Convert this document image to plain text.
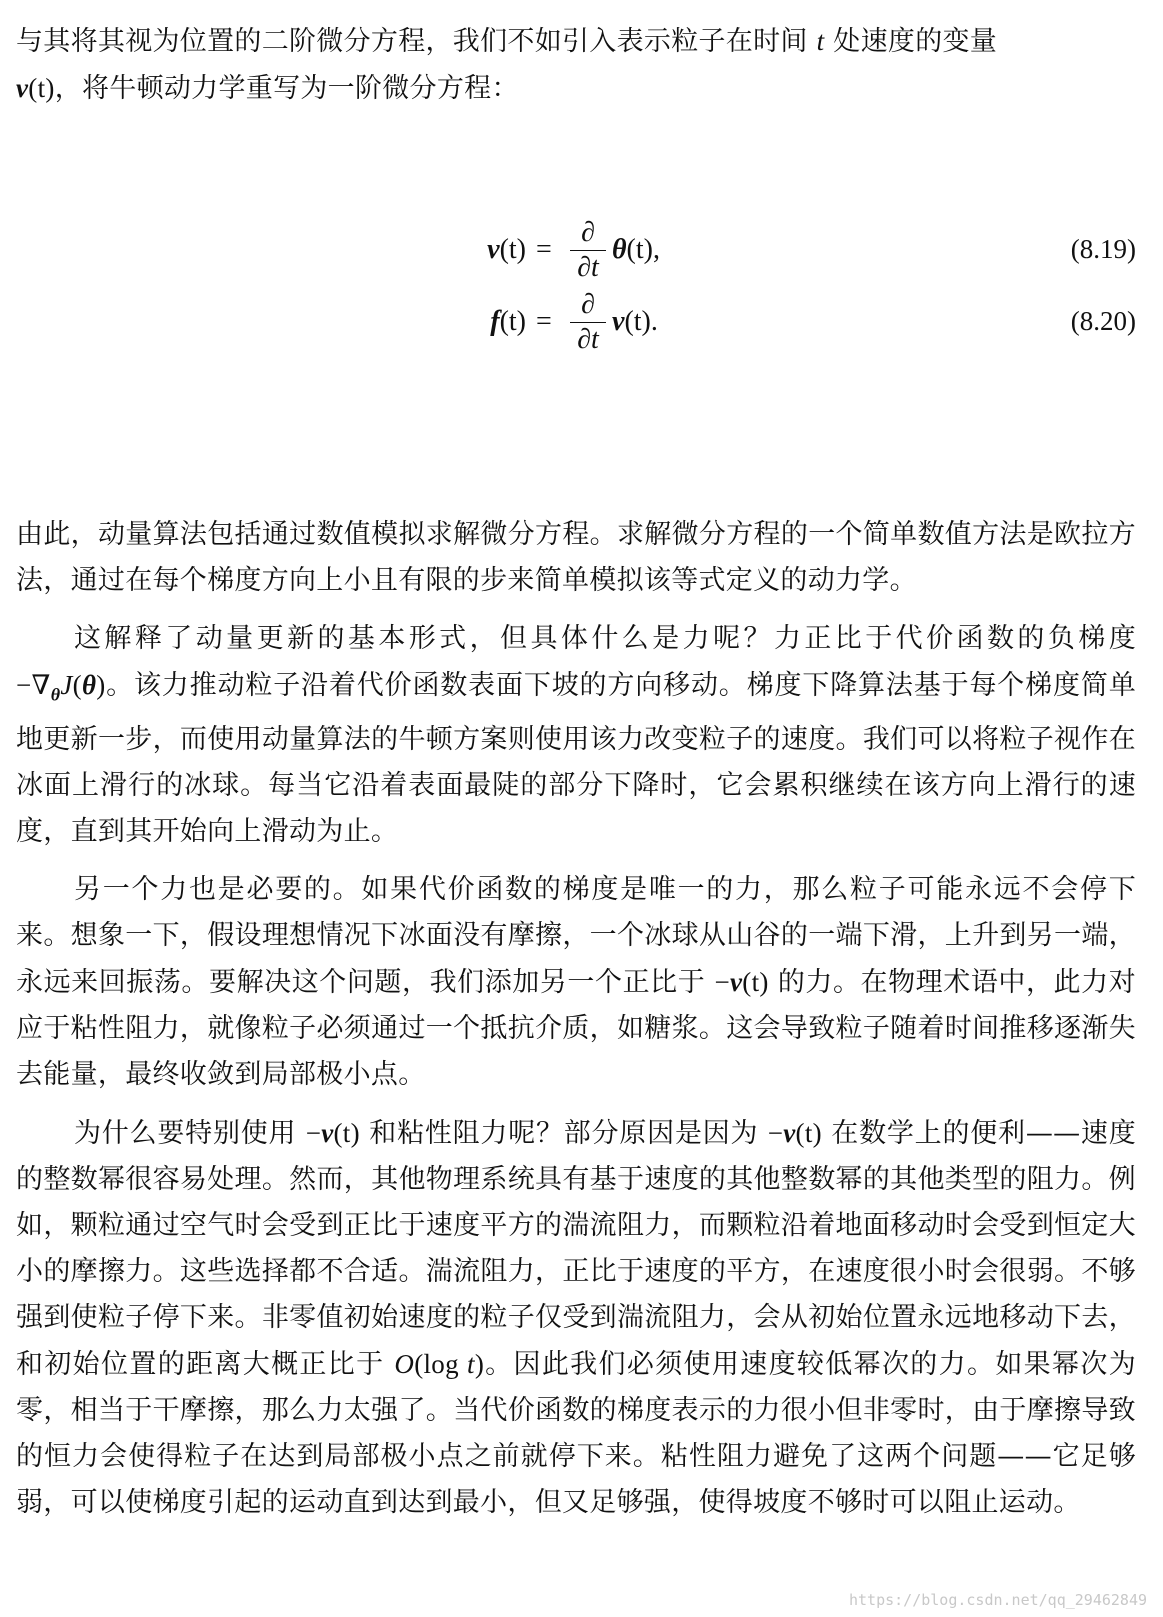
与其将其视为位置的二阶微分方程，我们不如引入表示粒子在时间 t 处速度的变量
v(t)，将牛顿动力学重写为一阶微分方程：

v(t) =
∂
∂t
θ(t),	(8.19)
f(t) =
∂
∂t
v(t).	(8.20)

由此，动量算法包括通过数值模拟求解微分方程。求解微分方程的一个简单数值方法是欧拉方法，通过在每个梯度方向上小且有限的步来简单模拟该等式定义的动力学。

这解释了动量更新的基本形式，但具体什么是力呢？力正比于代价函数的负梯度 $-\nabla_\theta J(\theta)$。该力推动粒子沿着代价函数表面下坡的方向移动。梯度下降算法基于每个梯度简单地更新一步，而使用动量算法的牛顿方案则使用该力改变粒子的速度。我们可以将粒子视作在冰面上滑行的冰球。每当它沿着表面最陡的部分下降时，它会累积继续在该方向上滑行的速度，直到其开始向上滑动为止。

另一个力也是必要的。如果代价函数的梯度是唯一的力，那么粒子可能永远不会停下来。想象一下，假设理想情况下冰面没有摩擦，一个冰球从山谷的一端下滑，上升到另一端，永远来回振荡。要解决这个问题，我们添加另一个正比于 −v(t) 的力。在物理术语中，此力对应于粘性阻力，就像粒子必须通过一个抵抗介质，如糖浆。这会导致粒子随着时间推移逐渐失去能量，最终收敛到局部极小点。

为什么要特别使用 −v(t) 和粘性阻力呢？部分原因是因为 −v(t) 在数学上的便利——速度的整数幂很容易处理。然而，其他物理系统具有基于速度的其他整数幂的其他类型的阻力。例如，颗粒通过空气时会受到正比于速度平方的湍流阻力，而颗粒沿着地面移动时会受到恒定大小的摩擦力。这些选择都不合适。湍流阻力，正比于速度的平方，在速度很小时会很弱。不够强到使粒子停下来。非零值初始速度的粒子仅受到湍流阻力，会从初始位置永远地移动下去，和初始位置的距离大概正比于 O(log t)。因此我们必须使用速度较低幂次的力。如果幂次为零，相当于干摩擦，那么力太强了。当代价函数的梯度表示的力很小但非零时，由于摩擦导致的恒力会使得粒子在达到局部极小点之前就停下来。粘性阻力避免了这两个问题——它足够弱，可以使梯度引起的运动直到达到最小，但又足够强，使得坡度不够时可以阻止运动。

https://blog.csdn.net/qq_29462849
